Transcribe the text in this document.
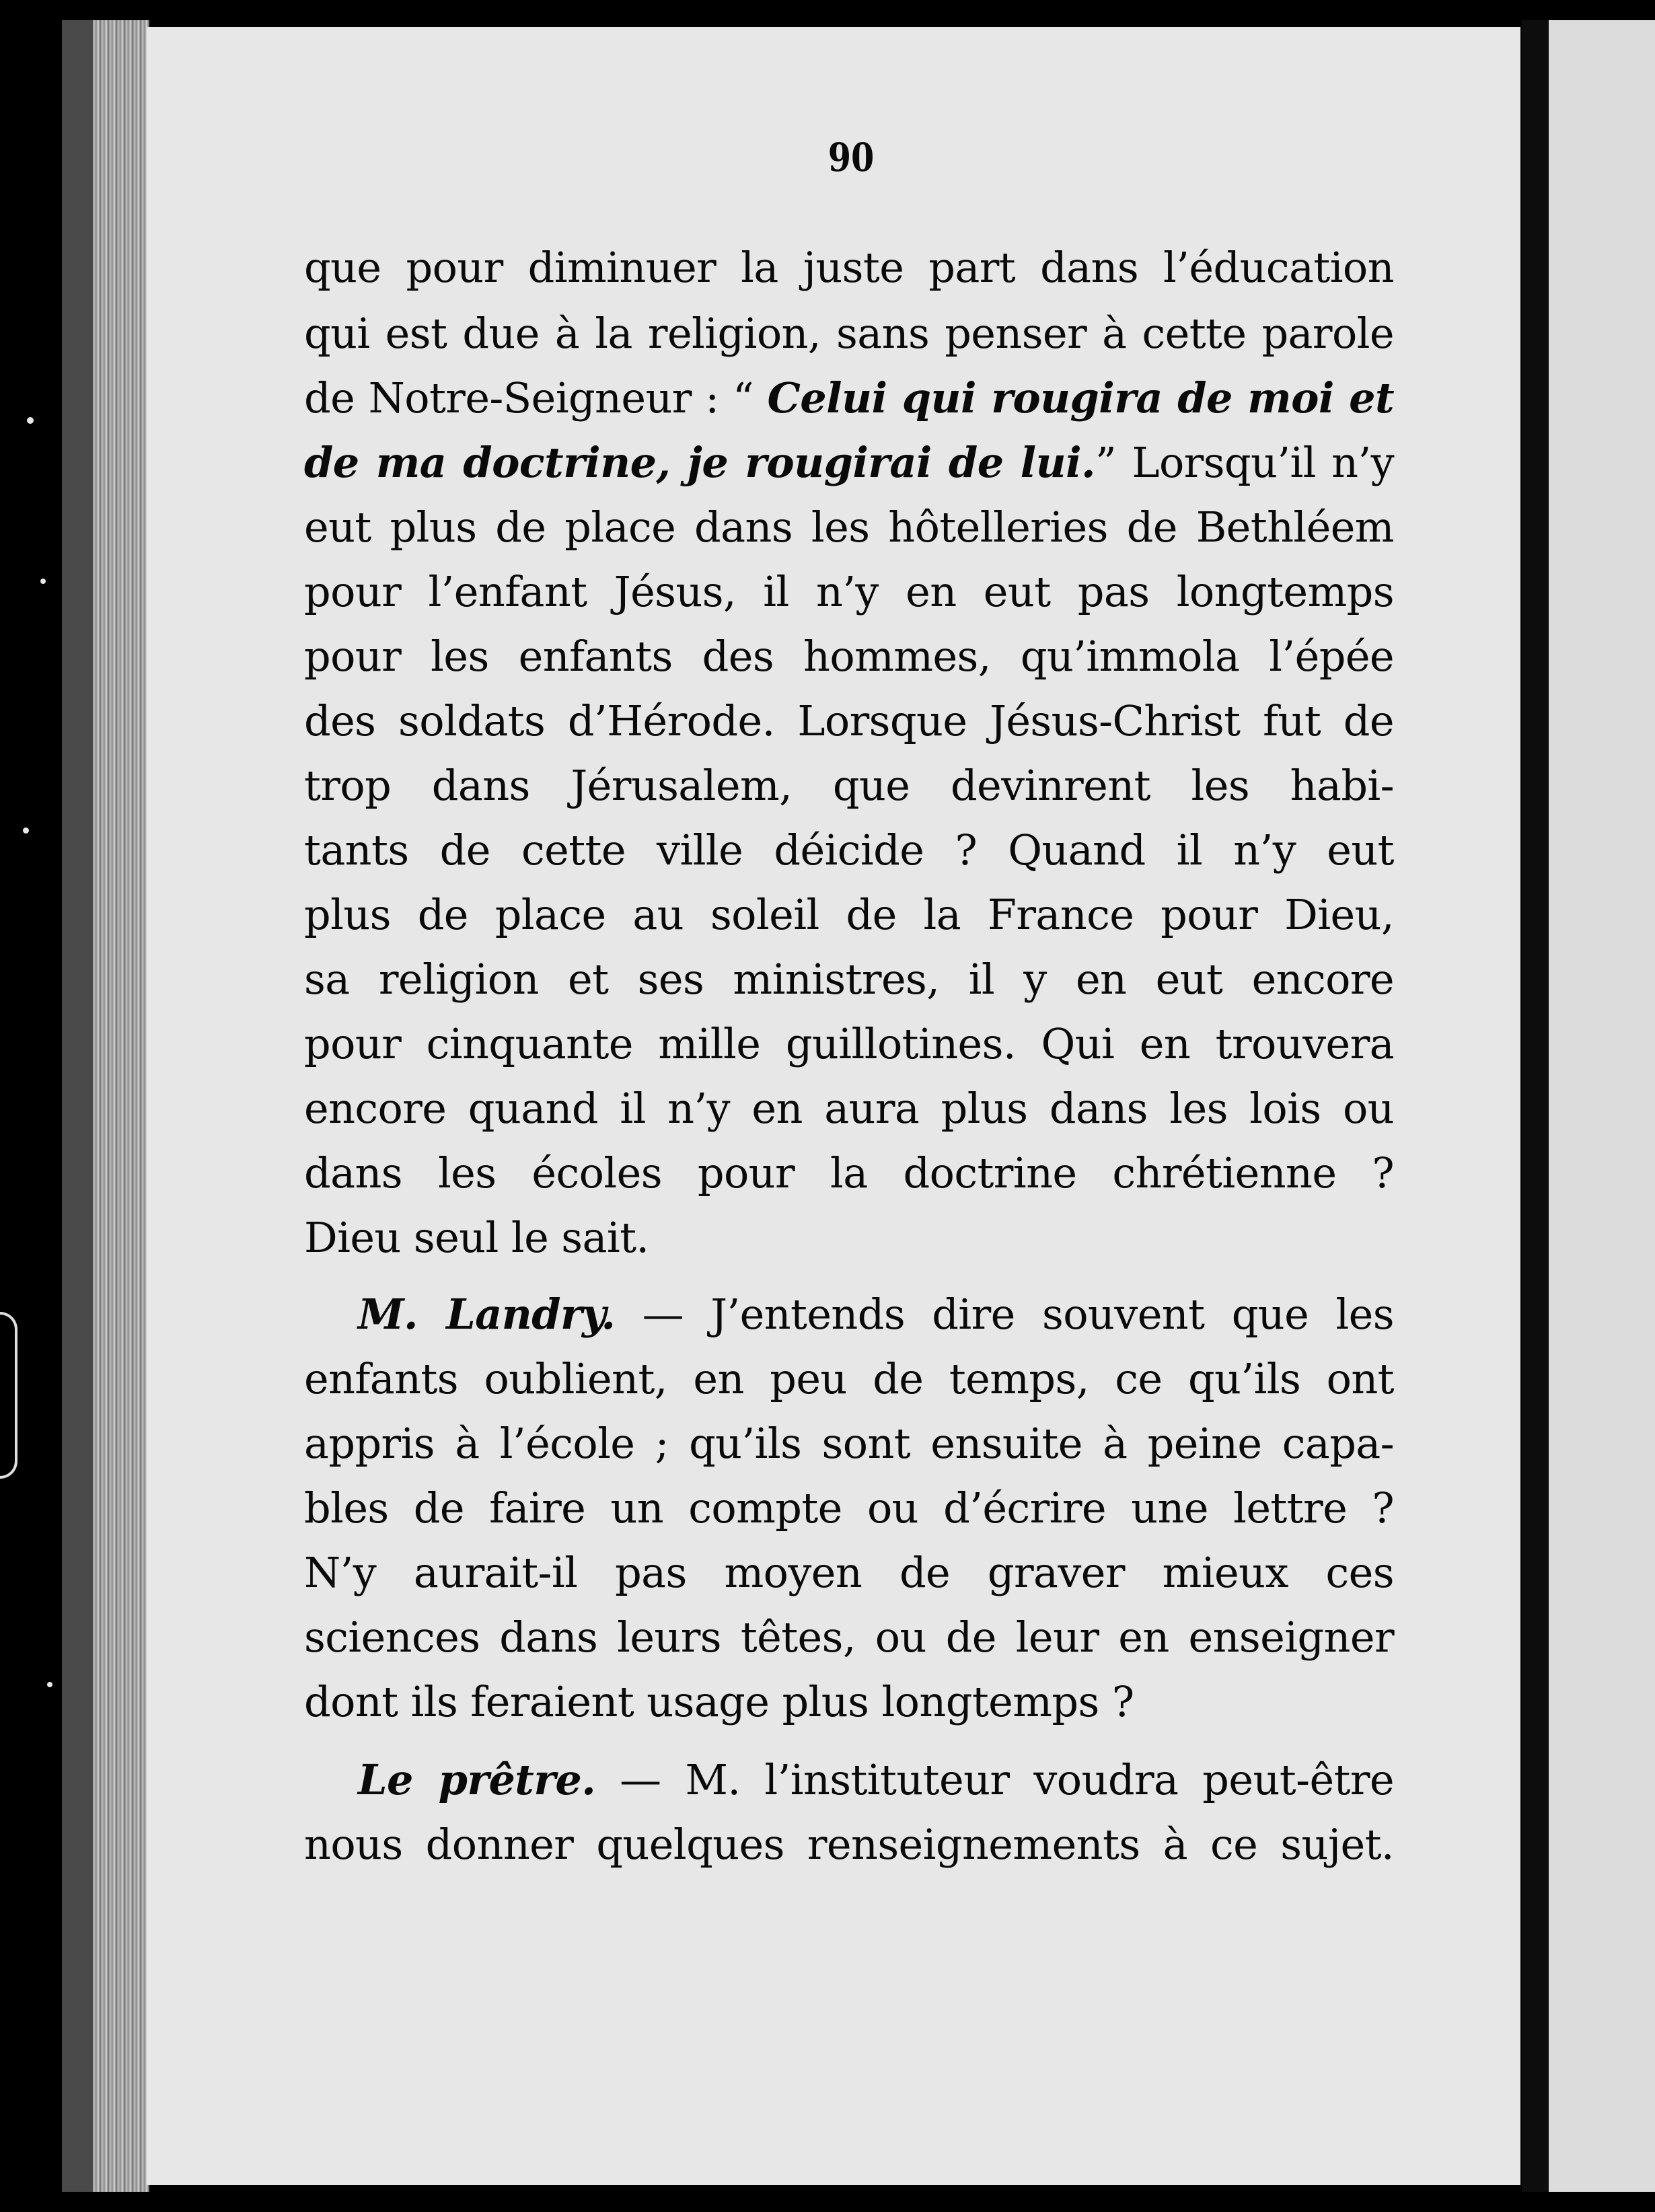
90
que pour diminuer la juste part dans l’éducation
qui est due à la religion, sans penser à cette parole
de Notre-Seigneur : “ Celui qui rougira de moi et
de ma doctrine, je rougirai de lui.” Lorsqu’il n’y
eut plus de place dans les hôtelleries de Bethléem
pour l’enfant Jésus, il n’y en eut pas longtemps
pour les enfants des hommes, qu’immola l’épée
des soldats d’Hérode. Lorsque Jésus-Christ fut de
trop dans Jérusalem, que devinrent les habi-
tants de cette ville déicide ? Quand il n’y eut
plus de place au soleil de la France pour Dieu,
sa religion et ses ministres, il y en eut encore
pour cinquante mille guillotines. Qui en trouvera
encore quand il n’y en aura plus dans les lois ou
dans les écoles pour la doctrine chrétienne ?
Dieu seul le sait.
M. Landry. — J’entends dire souvent que les
enfants oublient, en peu de temps, ce qu’ils ont
appris à l’école ; qu’ils sont ensuite à peine capa-
bles de faire un compte ou d’écrire une lettre ?
N’y aurait-il pas moyen de graver mieux ces
sciences dans leurs têtes, ou de leur en enseigner
dont ils feraient usage plus longtemps ?
Le prêtre. — M. l’instituteur voudra peut-être
nous donner quelques renseignements à ce sujet.
